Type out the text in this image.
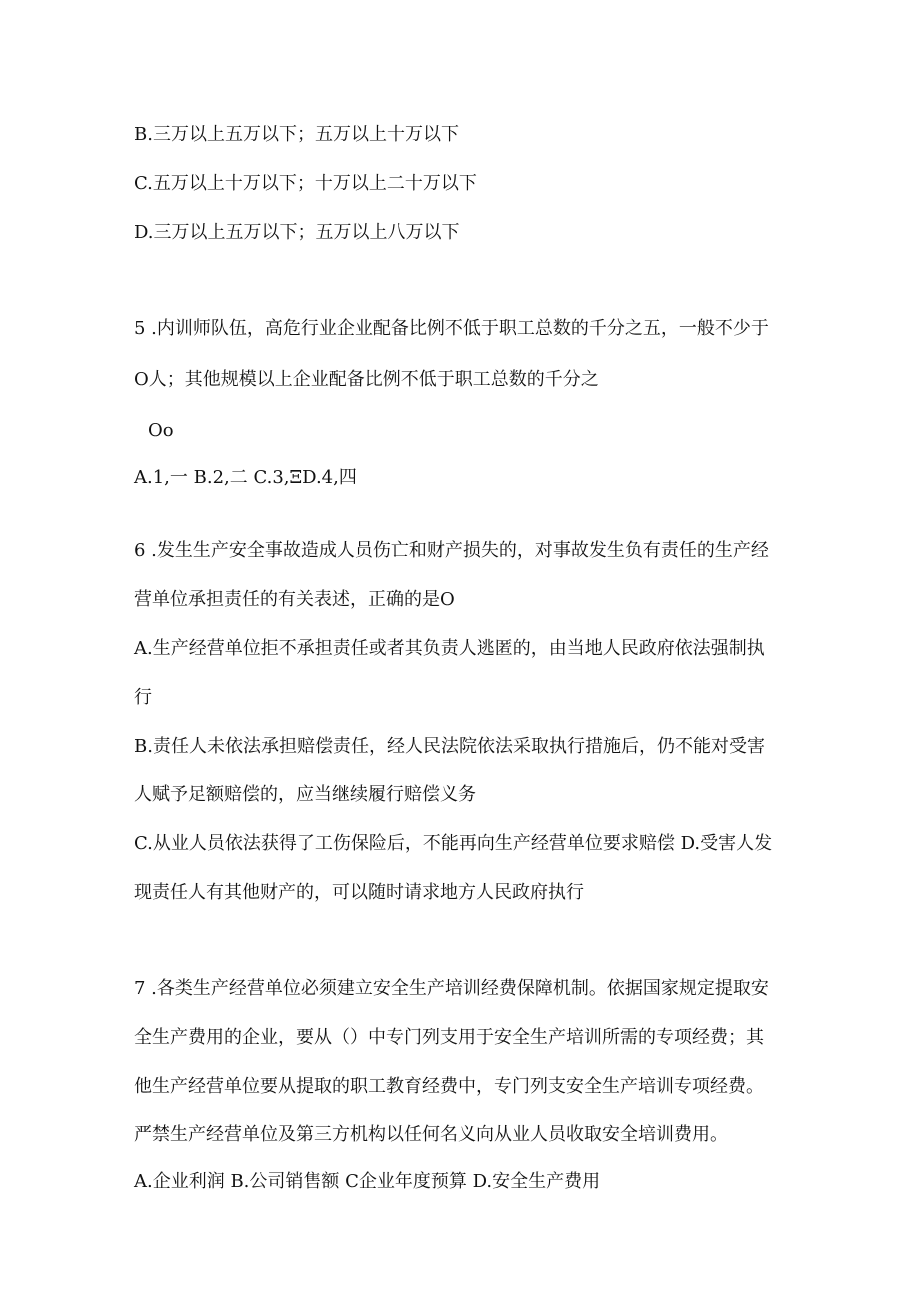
B.三万以上五万以下；五万以上十万以下
C.五万以上十万以下；十万以上二十万以下
D.三万以上五万以下；五万以上八万以下
5 .内训师队伍，高危行业企业配备比例不低于职工总数的千分之五，一般不少于
O人；其他规模以上企业配备比例不低于职工总数的千分之
Oo
A.1,一 B.2,二 C.3,ΞD.4,四
6 .发生生产安全事故造成人员伤亡和财产损失的，对事故发生负有责任的生产经
营单位承担责任的有关表述，正确的是O
A.生产经营单位拒不承担责任或者其负责人逃匿的，由当地人民政府依法强制执
行
B.责任人未依法承担赔偿责任，经人民法院依法采取执行措施后，仍不能对受害
人赋予足额赔偿的，应当继续履行赔偿义务
C.从业人员依法获得了工伤保险后，不能再向生产经营单位要求赔偿 D.受害人发
现责任人有其他财产的，可以随时请求地方人民政府执行
7 .各类生产经营单位必须建立安全生产培训经费保障机制。依据国家规定提取安
全生产费用的企业，要从（）中专门列支用于安全生产培训所需的专项经费；其
他生产经营单位要从提取的职工教育经费中，专门列支安全生产培训专项经费。
严禁生产经营单位及第三方机构以任何名义向从业人员收取安全培训费用。
A.企业利润 B.公司销售额 C企业年度预算 D.安全生产费用
